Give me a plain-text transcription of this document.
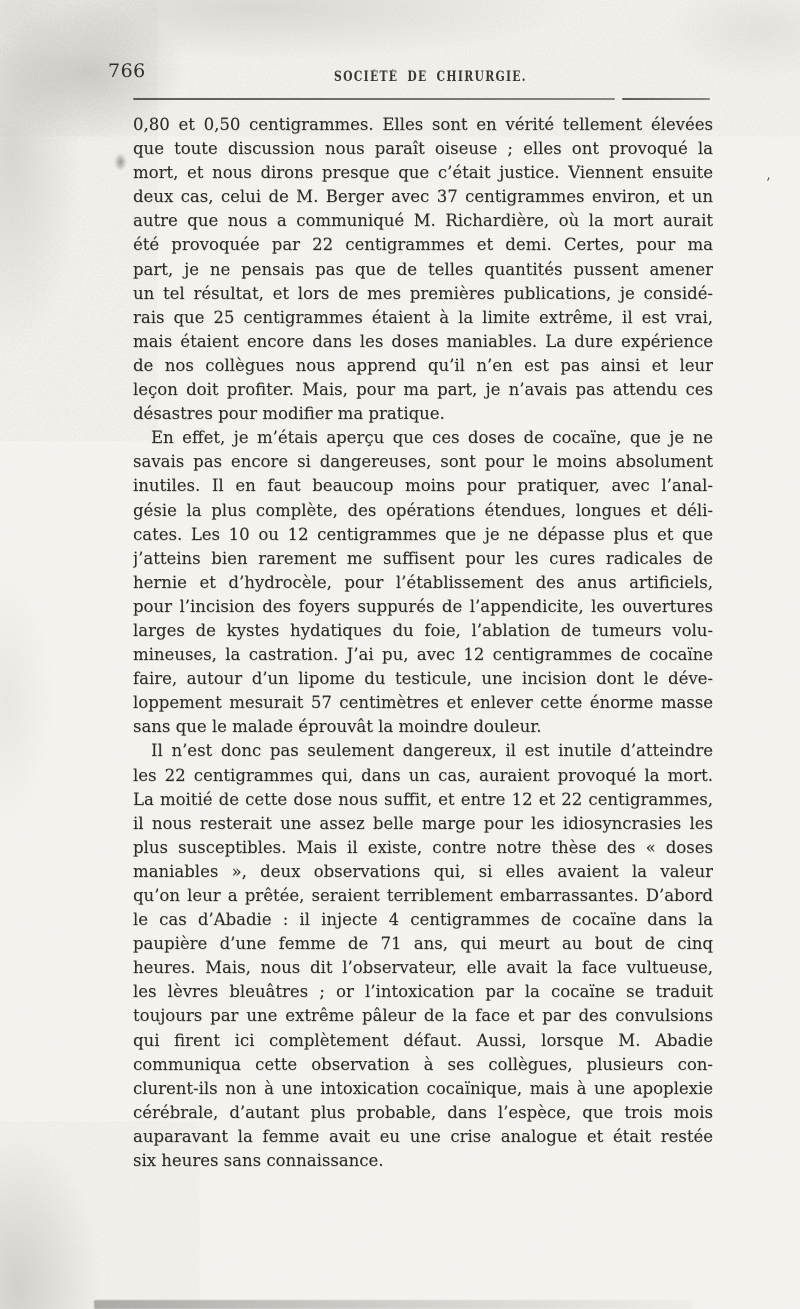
766	SOCIÉTÉ DE CHIRURGIE.
0,80 et 0,50 centigrammes. Elles sont en vérité tellement élevées
que toute discussion nous paraît oiseuse ; elles ont provoqué la
mort, et nous dirons presque que c’était justice. Viennent ensuite
deux cas, celui de M. Berger avec 37 centigrammes environ, et un
autre que nous a communiqué M. Richardière, où la mort aurait
été provoquée par 22 centigrammes et demi. Certes, pour ma
part, je ne pensais pas que de telles quantités pussent amener
un tel résultat, et lors de mes premières publications, je considé-
rais que 25 centigrammes étaient à la limite extrême, il est vrai,
mais étaient encore dans les doses maniables. La dure expérience
de nos collègues nous apprend qu’il n’en est pas ainsi et leur
leçon doit profiter. Mais, pour ma part, je n’avais pas attendu ces
désastres pour modifier ma pratique.
En effet, je m’étais aperçu que ces doses de cocaïne, que je ne
savais pas encore si dangereuses, sont pour le moins absolument
inutiles. Il en faut beaucoup moins pour pratiquer, avec l’anal-
gésie la plus complète, des opérations étendues, longues et déli-
cates. Les 10 ou 12 centigrammes que je ne dépasse plus et que
j’atteins bien rarement me suffisent pour les cures radicales de
hernie et d’hydrocèle, pour l’établissement des anus artificiels,
pour l’incision des foyers suppurés de l’appendicite, les ouvertures
larges de kystes hydatiques du foie, l’ablation de tumeurs volu-
mineuses, la castration. J’ai pu, avec 12 centigrammes de cocaïne
faire, autour d’un lipome du testicule, une incision dont le déve-
loppement mesurait 57 centimètres et enlever cette énorme masse
sans que le malade éprouvât la moindre douleur.
Il n’est donc pas seulement dangereux, il est inutile d’atteindre
les 22 centigrammes qui, dans un cas, auraient provoqué la mort.
La moitié de cette dose nous suffit, et entre 12 et 22 centigrammes,
il nous resterait une assez belle marge pour les idiosyncrasies les
plus susceptibles. Mais il existe, contre notre thèse des « doses
maniables », deux observations qui, si elles avaient la valeur
qu’on leur a prêtée, seraient terriblement embarrassantes. D’abord
le cas d’Abadie : il injecte 4 centigrammes de cocaïne dans la
paupière d’une femme de 71 ans, qui meurt au bout de cinq
heures. Mais, nous dit l’observateur, elle avait la face vultueuse,
les lèvres bleuâtres ; or l’intoxication par la cocaïne se traduit
toujours par une extrême pâleur de la face et par des convulsions
qui firent ici complètement défaut. Aussi, lorsque M. Abadie
communiqua cette observation à ses collègues, plusieurs con-
clurent-ils non à une intoxication cocaïnique, mais à une apoplexie
cérébrale, d’autant plus probable, dans l’espèce, que trois mois
auparavant la femme avait eu une crise analogue et était restée
six heures sans connaissance.
’
